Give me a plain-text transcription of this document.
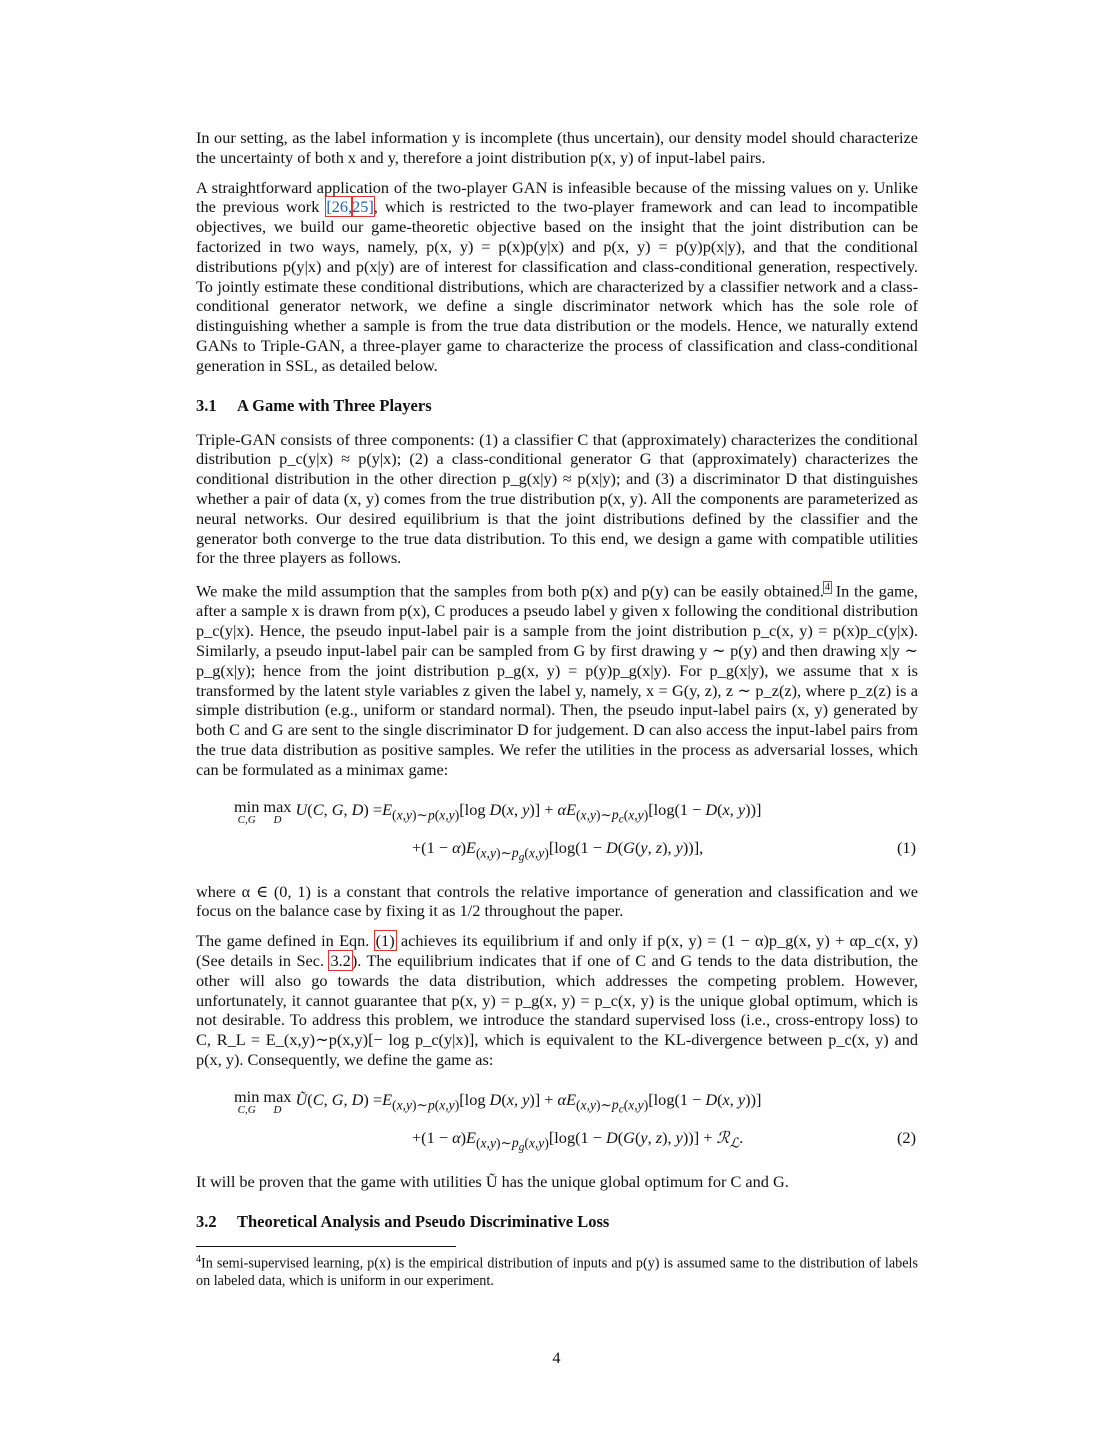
In our setting, as the label information y is incomplete (thus uncertain), our density model should characterize the uncertainty of both x and y, therefore a joint distribution p(x, y) of input-label pairs.

A straightforward application of the two-player GAN is infeasible because of the missing values on y. Unlike the previous work [26,25], which is restricted to the two-player framework and can lead to incompatible objectives, we build our game-theoretic objective based on the insight that the joint distribution can be factorized in two ways, namely, p(x, y) = p(x)p(y|x) and p(x, y) = p(y)p(x|y), and that the conditional distributions p(y|x) and p(x|y) are of interest for classification and class-conditional generation, respectively. To jointly estimate these conditional distributions, which are characterized by a classifier network and a class-conditional generator network, we define a single discriminator network which has the sole role of distinguishing whether a sample is from the true data distribution or the models. Hence, we naturally extend GANs to Triple-GAN, a three-player game to characterize the process of classification and class-conditional generation in SSL, as detailed below.

3.1 A Game with Three Players

Triple-GAN consists of three components: (1) a classifier C that (approximately) characterizes the conditional distribution p_c(y|x) ≈ p(y|x); (2) a class-conditional generator G that (approximately) characterizes the conditional distribution in the other direction p_g(x|y) ≈ p(x|y); and (3) a discriminator D that distinguishes whether a pair of data (x, y) comes from the true distribution p(x, y). All the components are parameterized as neural networks. Our desired equilibrium is that the joint distributions defined by the classifier and the generator both converge to the true data distribution. To this end, we design a game with compatible utilities for the three players as follows.

We make the mild assumption that the samples from both p(x) and p(y) can be easily obtained.$^4$ In the game, after a sample x is drawn from p(x), C produces a pseudo label y given x following the conditional distribution p_c(y|x). Hence, the pseudo input-label pair is a sample from the joint distribution p_c(x, y) = p(x)p_c(y|x). Similarly, a pseudo input-label pair can be sampled from G by first drawing y ∼ p(y) and then drawing x|y ∼ p_g(x|y); hence from the joint distribution p_g(x, y) = p(y)p_g(x|y). For p_g(x|y), we assume that x is transformed by the latent style variables z given the label y, namely, x = G(y, z), z ∼ p_z(z), where p_z(z) is a simple distribution (e.g., uniform or standard normal). Then, the pseudo input-label pairs (x, y) generated by both C and G are sent to the single discriminator D for judgement. D can also access the input-label pairs from the true data distribution as positive samples. We refer the utilities in the process as adversarial losses, which can be formulated as a minimax game:

min
C,G
max
D
U(C, G, $D) =E_{(x,y)\sim p(x,y)}[\log$ D(x, $y)] + \alpha E_{(x,y)\sim p_c(x,y)}[\log(1 - D(x$, y))]
$+(1 - \alpha)E_{(x,y)\sim p_g(x,y)}[\log(1 - D(G(y$, z), y))],	(1)

where α ∈ (0, 1) is a constant that controls the relative importance of generation and classification and we focus on the balance case by fixing it as 1/2 throughout the paper.

The game defined in Eqn. (1) achieves its equilibrium if and only if p(x, y) = (1 − α)p_g(x, y) + αp_c(x, y) (See details in Sec. 3.2). The equilibrium indicates that if one of C and G tends to the data distribution, the other will also go towards the data distribution, which addresses the competing problem. However, unfortunately, it cannot guarantee that p(x, y) = p_g(x, y) = p_c(x, y) is the unique global optimum, which is not desirable. To address this problem, we introduce the standard supervised loss (i.e., cross-entropy loss) to C, R_L = E_(x,y)∼p(x,y)[− log p_c(y|x)], which is equivalent to the KL-divergence between p_c(x, y) and p(x, y). Consequently, we define the game as:

min
C,G
max
D
Ũ(C, G, $D) =E_{(x,y)\sim p(x,y)}[\log$ D(x, $y)] + \alpha E_{(x,y)\sim p_c(x,y)}[\log(1 - D(x$, y))]
$+(1 - \alpha)E_{(x,y)\sim p_g(x,y)}[\log(1 - D(G(y$, z), y))] + ℛ$_ℒ$.	(2)

It will be proven that the game with utilities Ũ has the unique global optimum for C and G.

3.2 Theoretical Analysis and Pseudo Discriminative Loss

$^4$In semi-supervised learning, p(x) is the empirical distribution of inputs and p(y) is assumed same to the distribution of labels on labeled data, which is uniform in our experiment.

4
